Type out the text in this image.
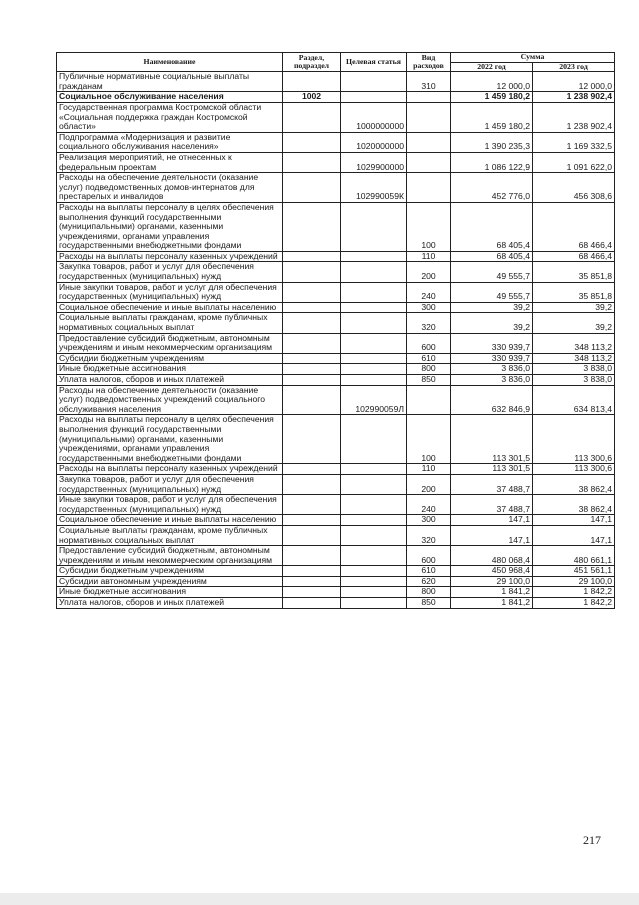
Наименование	Раздел, подраздел	Целевая статья	Вид расходов	Сумма	
				2022 год	2023 год
Публичные нормативные социальные выплаты гражданам			310	12 000,0	12 000,0
Социальное обслуживание населения	1002			1 459 180,2	1 238 902,4
Государственная программа Костромской области «Социальная поддержка граждан Костромской области»		1000000000		1 459 180,2	1 238 902,4
Подпрограмма «Модернизация и развитие социального обслуживания населения»		1020000000		1 390 235,3	1 169 332,5
Реализация мероприятий, не отнесенных к федеральным проектам		1029900000		1 086 122,9	1 091 622,0
Расходы на обеспечение деятельности (оказание услуг) подведомственных домов-интернатов для престарелых и инвалидов		102990059К		452 776,0	456 308,6
Расходы на выплаты персоналу в целях обеспечения выполнения функций государственными (муниципальными) органами, казенными учреждениями, органами управления государственными внебюджетными фондами			100	68 405,4	68 466,4
Расходы на выплаты персоналу казенных учреждений			110	68 405,4	68 466,4
Закупка товаров, работ и услуг для обеспечения государственных (муниципальных) нужд			200	49 555,7	35 851,8
Иные закупки товаров, работ и услуг для обеспечения государственных (муниципальных) нужд			240	49 555,7	35 851,8
Социальное обеспечение и иные выплаты населению			300	39,2	39,2
Социальные выплаты гражданам, кроме публичных нормативных социальных выплат			320	39,2	39,2
Предоставление субсидий бюджетным, автономным учреждениям и иным некоммерческим организациям			600	330 939,7	348 113,2
Субсидии бюджетным учреждениям			610	330 939,7	348 113,2
Иные бюджетные ассигнования			800	3 836,0	3 838,0
Уплата налогов, сборов и иных платежей			850	3 836,0	3 838,0
Расходы на обеспечение деятельности (оказание услуг) подведомственных учреждений социального обслуживания населения		102990059Л		632 846,9	634 813,4
Расходы на выплаты персоналу в целях обеспечения выполнения функций государственными (муниципальными) органами, казенными учреждениями, органами управления государственными внебюджетными фондами			100	113 301,5	113 300,6
Расходы на выплаты персоналу казенных учреждений			110	113 301,5	113 300,6
Закупка товаров, работ и услуг для обеспечения государственных (муниципальных) нужд			200	37 488,7	38 862,4
Иные закупки товаров, работ и услуг для обеспечения государственных (муниципальных) нужд			240	37 488,7	38 862,4
Социальное обеспечение и иные выплаты населению			300	147,1	147,1
Социальные выплаты гражданам, кроме публичных нормативных социальных выплат			320	147,1	147,1
Предоставление субсидий бюджетным, автономным учреждениям и иным некоммерческим организациям			600	480 068,4	480 661,1
Субсидии бюджетным учреждениям			610	450 968,4	451 561,1
Субсидии автономным учреждениям			620	29 100,0	29 100,0
Иные бюджетные ассигнования			800	1 841,2	1 842,2
Уплата налогов, сборов и иных платежей			850	1 841,2	1 842,2
217
